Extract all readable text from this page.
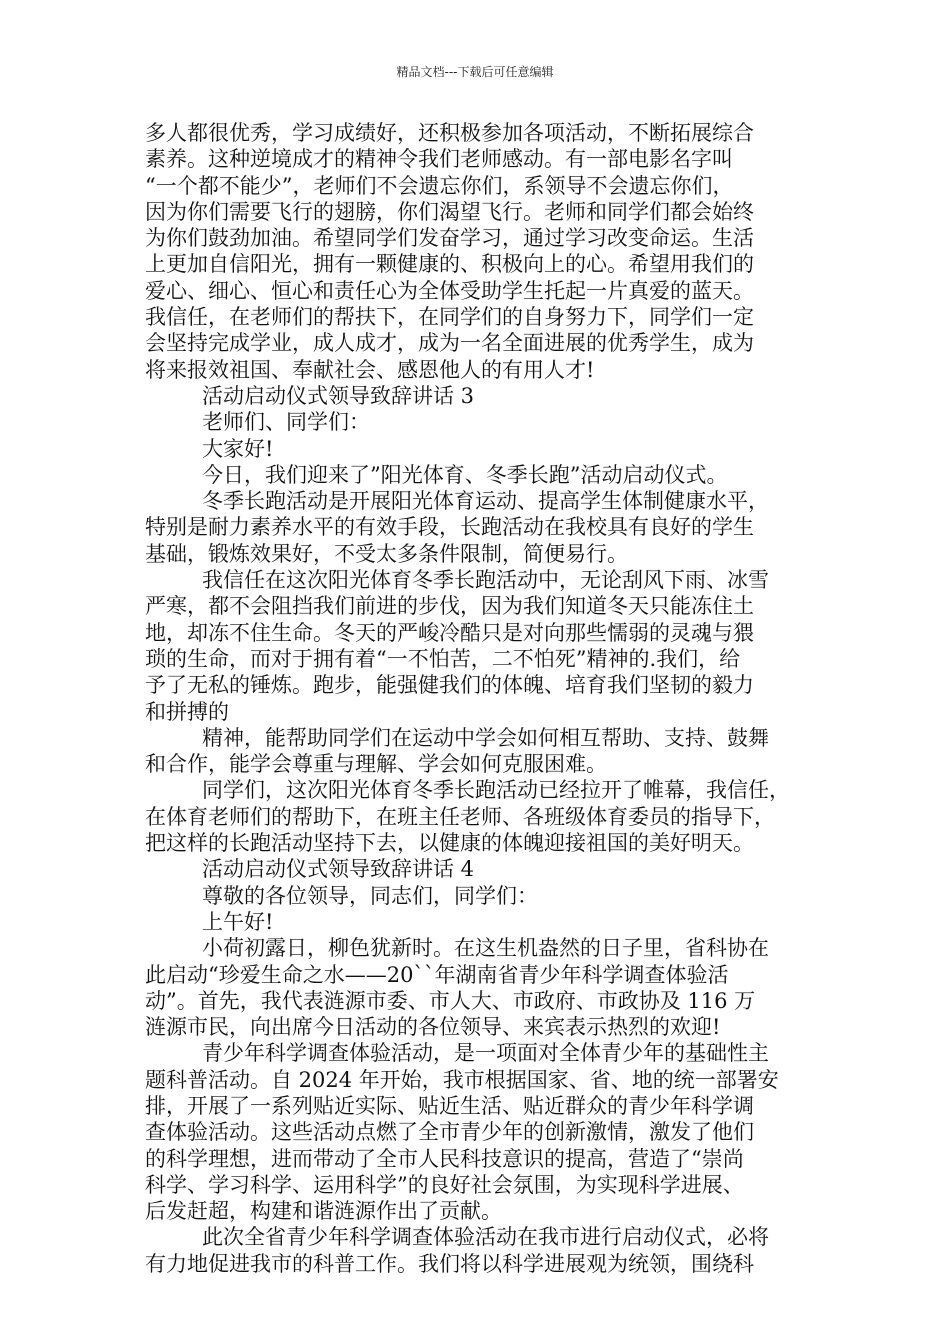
精品文档---下载后可任意编辑
多人都很优秀，学习成绩好，还积极参加各项活动，不断拓展综合
素养。这种逆境成才的精神令我们老师感动。有一部电影名字叫
“一个都不能少”，老师们不会遗忘你们，系领导不会遗忘你们，
因为你们需要飞行的翅膀，你们渴望飞行。老师和同学们都会始终
为你们鼓劲加油。希望同学们发奋学习，通过学习改变命运。生活
上更加自信阳光，拥有一颗健康的、积极向上的心。希望用我们的
爱心、细心、恒心和责任心为全体受助学生托起一片真爱的蓝天。
我信任，在老师们的帮扶下，在同学们的自身努力下，同学们一定
会坚持完成学业，成人成才，成为一名全面进展的优秀学生，成为
将来报效祖国、奉献社会、感恩他人的有用人才!
活动启动仪式领导致辞讲话 3
老师们、同学们：
大家好!
今日，我们迎来了”阳光体育、冬季长跑”活动启动仪式。
冬季长跑活动是开展阳光体育运动、提高学生体制健康水平，
特别是耐力素养水平的有效手段，长跑活动在我校具有良好的学生
基础，锻炼效果好，不受太多条件限制，简便易行。
我信任在这次阳光体育冬季长跑活动中，无论刮风下雨、冰雪
严寒，都不会阻挡我们前进的步伐，因为我们知道冬天只能冻住土
地，却冻不住生命。冬天的严峻冷酷只是对向那些懦弱的灵魂与猥
琐的生命，而对于拥有着“一不怕苦，二不怕死”精神的.我们，给
予了无私的锤炼。跑步，能强健我们的体魄、培育我们坚韧的毅力
和拼搏的
精神，能帮助同学们在运动中学会如何相互帮助、支持、鼓舞
和合作，能学会尊重与理解、学会如何克服困难。
同学们，这次阳光体育冬季长跑活动已经拉开了帷幕，我信任，
在体育老师们的帮助下，在班主任老师、各班级体育委员的指导下，
把这样的长跑活动坚持下去，以健康的体魄迎接祖国的美好明天。
活动启动仪式领导致辞讲话 4
尊敬的各位领导，同志们，同学们：
上午好!
小荷初露日，柳色犹新时。在这生机盎然的日子里，省科协在
此启动“珍爱生命之水——20``年湖南省青少年科学调查体验活
动”。首先，我代表涟源市委、市人大、市政府、市政协及 116 万
涟源市民，向出席今日活动的各位领导、来宾表示热烈的欢迎!
青少年科学调查体验活动，是一项面对全体青少年的基础性主
题科普活动。自 2024 年开始，我市根据国家、省、地的统一部署安
排，开展了一系列贴近实际、贴近生活、贴近群众的青少年科学调
查体验活动。这些活动点燃了全市青少年的创新激情，激发了他们
的科学理想，进而带动了全市人民科技意识的提高，营造了“崇尚
科学、学习科学、运用科学”的良好社会氛围，为实现科学进展、
后发赶超，构建和谐涟源作出了贡献。
此次全省青少年科学调查体验活动在我市进行启动仪式，必将
有力地促进我市的科普工作。我们将以科学进展观为统领，围绕科
